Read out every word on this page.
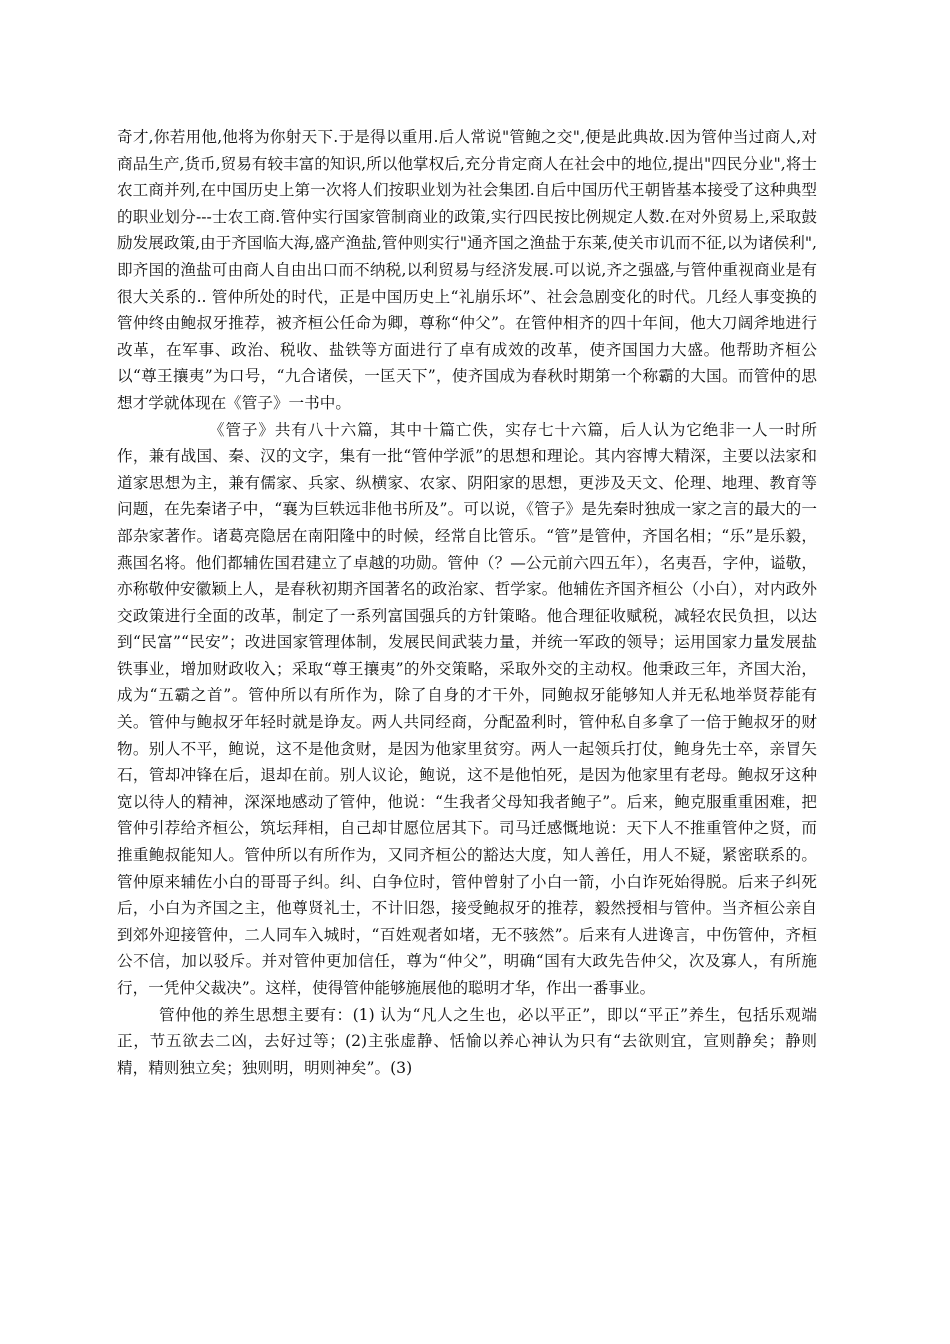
奇才,你若用他,他将为你射天下.于是得以重用.后人常说"管鲍之交",便是此典故.因为管仲当过商人,对商品生产,货币,贸易有较丰富的知识,所以他掌权后,充分肯定商人在社会中的地位,提出"四民分业",将士农工商并列,在中国历史上第一次将人们按职业划为社会集团.自后中国历代王朝皆基本接受了这种典型的职业划分---士农工商.管仲实行国家管制商业的政策,实行四民按比例规定人数.在对外贸易上,采取鼓励发展政策,由于齐国临大海,盛产渔盐,管仲则实行"通齐国之渔盐于东莱,使关市讥而不征,以为诸侯利",即齐国的渔盐可由商人自由出口而不纳税,以利贸易与经济发展.可以说,齐之强盛,与管仲重视商业是有很大关系的.. 管仲所处的时代，正是中国历史上“礼崩乐坏”、社会急剧变化的时代。几经人事变换的管仲终由鲍叔牙推荐，被齐桓公任命为卿，尊称“仲父”。在管仲相齐的四十年间，他大刀阔斧地进行改革，在军事、政治、税收、盐铁等方面进行了卓有成效的改革，使齐国国力大盛。他帮助齐桓公以“尊王攘夷”为口号，“九合诸侯，一匡天下”，使齐国成为春秋时期第一个称霸的大国。而管仲的思想才学就体现在《管子》一书中。

《管子》共有八十六篇，其中十篇亡佚，实存七十六篇，后人认为它绝非一人一时所作，兼有战国、秦、汉的文字，集有一批“管仲学派”的思想和理论。其内容博大精深，主要以法家和道家思想为主，兼有儒家、兵家、纵横家、农家、阴阳家的思想，更涉及天文、伦理、地理、教育等问题，在先秦诸子中，“襄为巨轶远非他书所及”。可以说，《管子》是先秦时独成一家之言的最大的一部杂家著作。诸葛亮隐居在南阳隆中的时候，经常自比管乐。“管”是管仲，齐国名相；“乐”是乐毅，燕国名将。他们都辅佐国君建立了卓越的功勋。管仲（？—公元前六四五年），名夷吾，字仲，谥敬，亦称敬仲安徽颖上人，是春秋初期齐国著名的政治家、哲学家。他辅佐齐国齐桓公（小白），对内政外交政策进行全面的改革，制定了一系列富国强兵的方针策略。他合理征收赋税，减轻农民负担，以达到“民富”“民安”；改进国家管理体制，发展民间武装力量，并统一军政的领导；运用国家力量发展盐铁事业，增加财政收入；采取“尊王攘夷”的外交策略，采取外交的主动权。他秉政三年，齐国大治，成为“五霸之首”。管仲所以有所作为，除了自身的才干外，同鲍叔牙能够知人并无私地举贤荐能有关。管仲与鲍叔牙年轻时就是诤友。两人共同经商，分配盈利时，管仲私自多拿了一倍于鲍叔牙的财物。别人不平，鲍说，这不是他贪财，是因为他家里贫穷。两人一起领兵打仗，鲍身先士卒，亲冒矢石，管却冲锋在后，退却在前。别人议论，鲍说，这不是他怕死，是因为他家里有老母。鲍叔牙这种宽以待人的精神，深深地感动了管仲，他说：“生我者父母知我者鲍子”。后来，鲍克服重重困难，把管仲引荐给齐桓公，筑坛拜相，自己却甘愿位居其下。司马迁感慨地说：天下人不推重管仲之贤，而推重鲍叔能知人。管仲所以有所作为，又同齐桓公的豁达大度，知人善任，用人不疑，紧密联系的。管仲原来辅佐小白的哥哥子纠。纠、白争位时，管仲曾射了小白一箭，小白诈死始得脱。后来子纠死后，小白为齐国之主，他尊贤礼士，不计旧怨，接受鲍叔牙的推荐，毅然授相与管仲。当齐桓公亲自到郊外迎接管仲，二人同车入城时，“百姓观者如堵，无不骇然”。后来有人进谗言，中伤管仲，齐桓公不信，加以驳斥。并对管仲更加信任，尊为“仲父”，明确“国有大政先告仲父，次及寡人，有所施行，一凭仲父裁决”。这样，使得管仲能够施展他的聪明才华，作出一番事业。

管仲他的养生思想主要有：(1) 认为“凡人之生也，必以平正”，即以“平正”养生，包括乐观端正，节五欲去二凶，去好过等；(2)主张虚静、恬愉以养心神认为只有“去欲则宜，宣则静矣；静则精，精则独立矣；独则明，明则神矣”。(3)
